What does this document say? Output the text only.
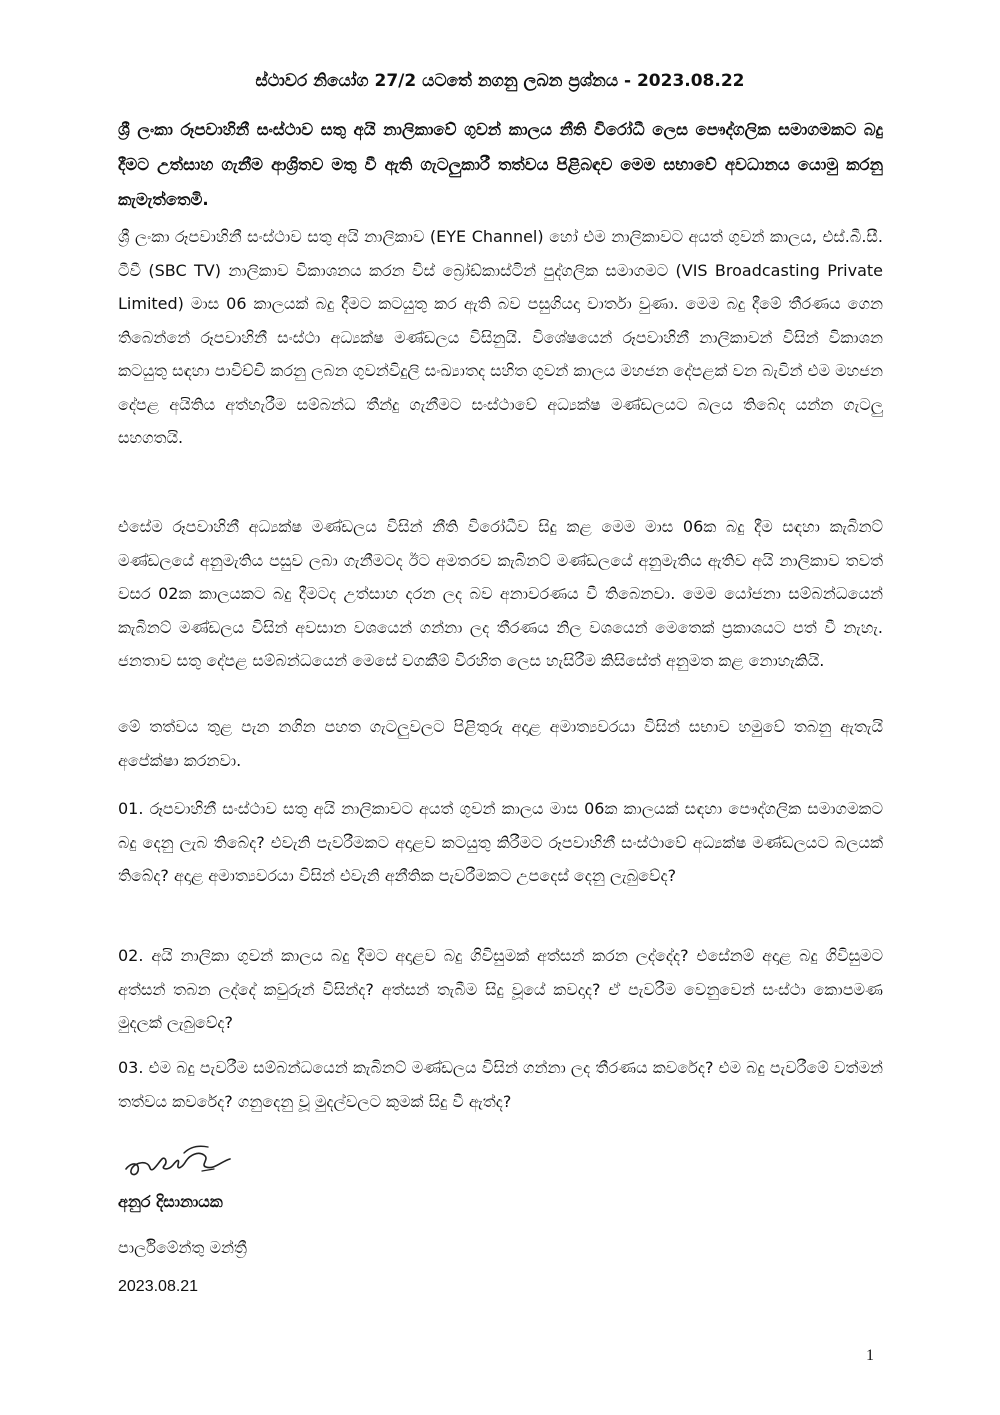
ස්ථාවර නියෝග 27/2 යටතේ නගනු ලබන ප්‍රශ්නය - 2023.08.22
ශ්‍රී ලංකා රූපවාහිනී සංස්ථාව සතු අයි නාලිකාවේ ගුවන් කාලය නීති විරෝධී ලෙස පෞද්ගලික සමාගමකට බදු දීමට උත්සාහ ගැනීම ආශ්‍රිතව මතු වී ඇති ගැටලුකාරී තත්වය පිළිබඳව මෙම සභාවේ අවධානය යොමු කරනු කැමැත්තෙමි.
ශ්‍රී ලංකා රූපවාහිනී සංස්ථාව සතු අයි නාලිකාව (EYE Channel) හෝ එම නාලිකාවට අයත් ගුවන් කාලය, එස්.බී.සී. ටීවී (SBC TV) නාලිකාව විකාශනය කරන විස් බ්‍රෝඩ්කාස්ටින් පුද්ගලික සමාගමට (VIS Broadcasting Private Limited) මාස 06 කාලයක් බදු දීමට කටයුතු කර ඇති බව පසුගියදා වාර්තා වුණා. මෙම බදු දීමේ තීරණය ගෙන තිබෙන්නේ රූපවාහිනී සංස්ථා අධ්‍යක්ෂ මණ්ඩලය විසිනුයි. විශේෂයෙන් රූපවාහිනී නාලිකාවන් විසින් විකාශන කටයුතු සඳහා පාවිච්චි කරනු ලබන ගුවන්විදුලි සංඛ්‍යාතද සහිත ගුවන් කාලය මහජන දේපළක් වන බැවින් එම මහජන දේපළ අයිතිය අත්හැරීම සම්බන්ධ තීන්දු ගැනීමට සංස්ථාවේ අධ්‍යක්ෂ මණ්ඩලයට බලය තිබේද යන්න ගැටලු සහගතයි.
එසේම රූපවාහිනී අධ්‍යක්ෂ මණ්ඩලය විසින් නීති විරෝධීව සිදු කළ මෙම මාස 06ක බදු දීම සඳහා කැබිනට් මණ්ඩලයේ අනුමැතිය පසුව ලබා ගැනීමටද ඊට අමතරව කැබිනට් මණ්ඩලයේ අනුමැතිය ඇතිව අයි නාලිකාව තවත් වසර 02ක කාලයකට බදු දීමටද උත්සාහ දරන ලද බව අනාවරණය වී තිබෙනවා. මෙම යෝජනා සම්බන්ධයෙන් කැබිනට් මණ්ඩලය විසින් අවසාන වශයෙන් ගන්නා ලද තීරණය නිල වශයෙන් මෙතෙක් ප්‍රකාශයට පත් වී නැහැ. ජනතාව සතු දේපළ සම්බන්ධයෙන් මෙසේ වගකීම් විරහිත ලෙස හැසිරීම කිසිසේත් අනුමත කළ නොහැකියි.
මේ තත්වය තුළ පැන නගින පහත ගැටලුවලට පිළිතුරු අදාළ අමාත්‍යවරයා විසින් සභාව හමුවේ තබනු ඇතැයි අපේක්ෂා කරනවා.
01. රූපවාහිනී සංස්ථාව සතු අයි නාලිකාවට අයත් ගුවන් කාලය මාස 06ක කාලයක් සඳහා පෞද්ගලික සමාගමකට බදු දෙනු ලැබ තිබේද? එවැනි පැවරීමකට අදාළව කටයුතු කිරීමට රූපවාහිනී සංස්ථාවේ අධ්‍යක්ෂ මණ්ඩලයට බලයක් තිබේද? අදාළ අමාත්‍යවරයා විසින් එවැනි අනීතික පැවරීමකට උපදෙස් දෙනු ලැබුවේද?
02. අයි නාලිකා ගුවන් කාලය බදු දීමට අදාළව බදු ගිවිසුමක් අත්සන් කරන ලද්දේද? එසේනම් අදාළ බදු ගිවිසුමට අත්සන් තබන ලද්දේ කවුරුන් විසින්ද? අත්සන් තැබීම සිදු වූයේ කවදාද? ඒ පැවරීම වෙනුවෙන් සංස්ථා කොපමණ මුදලක් ලැබුවේද?
03. එම බදු පැවරීම සම්බන්ධයෙන් කැබිනට් මණ්ඩලය විසින් ගන්නා ලද තීරණය කවරේද? එම බදු පැවරීමේ වත්මන් තත්වය කවරේද? ගනුදෙනු වූ මුදල්වලට කුමක් සිදු වී ඇත්ද?
අනුර දිසානායක
පාර්ලිමේන්තු මන්ත්‍රී
2023.08.21
1
